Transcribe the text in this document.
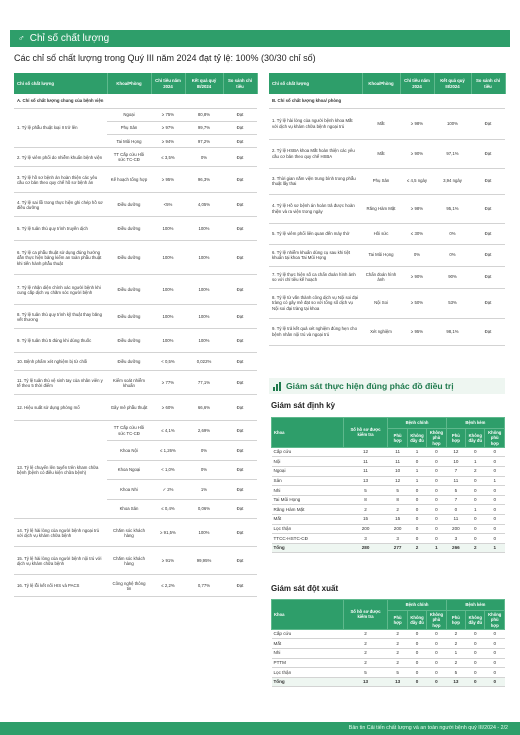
♂ Chỉ số chất lượng
Các chỉ số chất lượng trong Quý III năm 2024 đạt tỷ lệ: 100% (30/30 chỉ số)
Chỉ số chất lượng	Khoa/Phòng	Chỉ tiêu năm 2024	Kết quả quý III/2024	So sánh chỉ tiêu
A. Chỉ số chất lượng chung của bệnh viện				
1. Tỷ lệ phẫu thuật loại II trở lên	Ngoại	≥ 75%	80,8%	Đạt
	Phụ Sản	≥ 97%	99,7%	Đạt
	Tai Mũi Họng	≥ 94%	97,2%	Đạt
2. Tỷ lệ viêm phổi do nhiễm khuẩn bệnh viện	TT Cấp cứu Hồi sức TC-CĐ	≤ 3,5%	0%	Đạt
3. Tỷ lệ hồ sơ bệnh án hoàn thiện các yêu cầu cơ bản theo quy chế hồ sơ bệnh án	Kế hoạch tổng hợp	≥ 95%	96,3%	Đạt
4. Tỷ lệ sai lỗi trong thực hiện ghi chép hồ sơ điều dưỡng	Điều dưỡng	<5%	4,05%	Đạt
5. Tỷ lệ tuân thủ quy trình truyền dịch	Điều dưỡng	100%	100%	Đạt
6. Tỷ lệ ca phẫu thuật sử dụng đúng hướng dẫn thực hiện bảng kiểm an toàn phẫu thuật khi tiến hành phẫu thuật	Điều dưỡng	100%	100%	Đạt
7. Tỷ lệ nhận diện chính xác người bệnh khi cung cấp dịch vụ chăm sóc người bệnh	Điều dưỡng	100%	100%	Đạt
8. Tỷ lệ tuân thủ quy trình kỹ thuật thay băng vết thương	Điều dưỡng	100%	100%	Đạt
9. Tỷ lệ tuân thủ 5 đúng khi dùng thuốc	Điều dưỡng	100%	100%	Đạt
10. Bệnh phẩm xét nghiệm bị từ chối	Điều dưỡng	< 0,5%	0,022%	Đạt
11. Tỷ lệ tuân thủ vệ sinh tay của nhân viên y tế theo 5 thời điểm	Kiểm soát nhiễm khuẩn	≥ 77%	77,1%	Đạt
12. Hiệu suất sử dụng phòng mổ	Gây mê phẫu thuật	≥ 60%	66,6%	Đạt
13. Tỷ lệ chuyển lên tuyến trên kham chữa bệnh (bệnh có điều kiện chữa bệnh)	TT Cấp cứu Hồi sức TC-CĐ	≤ 4,1%	2,69%	Đạt
	Khoa Nội	≤ 1,26%	0%	Đạt
	Khoa Ngoại	< 1,0%	0%	Đạt
	Khoa Nhi	✓ 2%	1%	Đạt
	Khoa Sản	≤ 0,4%	0,06%	Đạt
14. Tỷ lệ hài lòng của người bệnh ngoại trú với dịch vụ khám chữa bệnh	Chăm sóc khách hàng	≥ 91,5%	100%	Đạt
15. Tỷ lệ hài lòng của người bệnh nội trú với dịch vụ khám chữa bệnh	Chăm sóc khách hàng	≥ 91%	99,95%	Đạt
16. Tỷ lệ lỗi kết nối HIS và PACS	Công nghệ thông tin	≤ 2,2%	0,77%	Đạt
Chỉ số chất lượng	Khoa/Phòng	Chỉ tiêu năm 2024	Kết quả quý III/2024	So sánh chỉ tiêu
B. Chỉ số chất lượng khoa/ phòng				
1. Tỷ lệ hài lòng của người bệnh khoa Mắt với dịch vụ khám chữa bệnh ngoại trú	Mắt	≥ 98%	100%	Đạt
2. Tỷ lệ HSBA khoa Mắt hoàn thiện các yêu cầu cơ bản theo quy chế HSBA	Mắt	≥ 90%	97,1%	Đạt
3. Thời gian nằm viện trung bình trong phẫu thuật lấy thai	Phụ Sản	≤ 4,5 ngày	3,94 ngày	Đạt
4. Tỷ lệ Hồ sơ bệnh án hoàn trả được hoàn thiện và ra viện trong ngày	Răng Hàm Mặt	≥ 98%	95,1%	Đạt
5. Tỷ lệ viêm phổi liên quan đến máy thở	Hồi sức	≤ 30%	0%	Đạt
6. Tỷ lệ nhiễm khuẩn dùng cụ sau khi tiệt khuẩn tại khoa Tai Mũi Họng	Tai Mũi Họng	0%	0%	Đạt
7. Tỷ lệ thực hiện số ca chẩn đoán hình ảnh so với chỉ tiêu kế hoạch	Chẩn đoán hình ảnh	≥ 90%	90%	Đạt
8. Tỷ lệ từ vấn thành công dịch vụ Nội soi đại tràng có gây mê đạt so với tổng số dịch vụ Nội soi đại tràng tại khoa	Nội Soi	≥ 50%	53%	Đạt
9. Tỷ lệ trả kết quả xét nghiệm đúng hẹn cho bệnh nhân nội trú và ngoại trú	Xét nghiệm	≥ 95%	98,1%	Đạt
Giám sát thực hiện đúng phác đồ điều trị
Giám sát định kỳ
Khoa	Số hồ sơ được kiểm tra	Bệnh chính			Bệnh kèm		
		Phù hợp	Không đầy đủ	Không phù hợp	Phù hợp	Không đầy đủ	Không phù hợp
Cấp cứu	12	11	1	0	12	0	0
Nội	11	11	0	0	10	1	0
Ngoại	11	10	1	0	7	2	0
Sản	13	12	1	0	11	0	1
Nhi	5	5	0	0	5	0	0
Tai Mũi Họng	8	8	0	0	7	0	0
Răng Hàm Mặt	2	2	0	0	0	1	0
Mắt	15	15	0	0	11	0	0
Lọc thận	200	200	0	0	200	0	0
TTCC-HSTC-CĐ	3	3	0	0	3	0	0
Tổng	280	277	2	1	266	2	1
Giám sát đột xuất
Khoa	Số hồ sơ được kiểm tra	Bệnh chính			Bệnh kèm		
		Phù hợp	Không đầy đủ	Không phù hợp	Phù hợp	Không đầy đủ	Không phù hợp
Cấp cứu	2	2	0	0	2	0	0
Mắt	2	2	0	0	2	0	0
Nhi	2	2	0	0	1	0	0
PTTM	2	2	0	0	2	0	0
Lọc thận	5	5	0	0	5	0	0
Tổng	13	13	0	0	13	0	0
Bản tin Cải tiến chất lượng và an toàn người bệnh quý III/2024 - 2/2
